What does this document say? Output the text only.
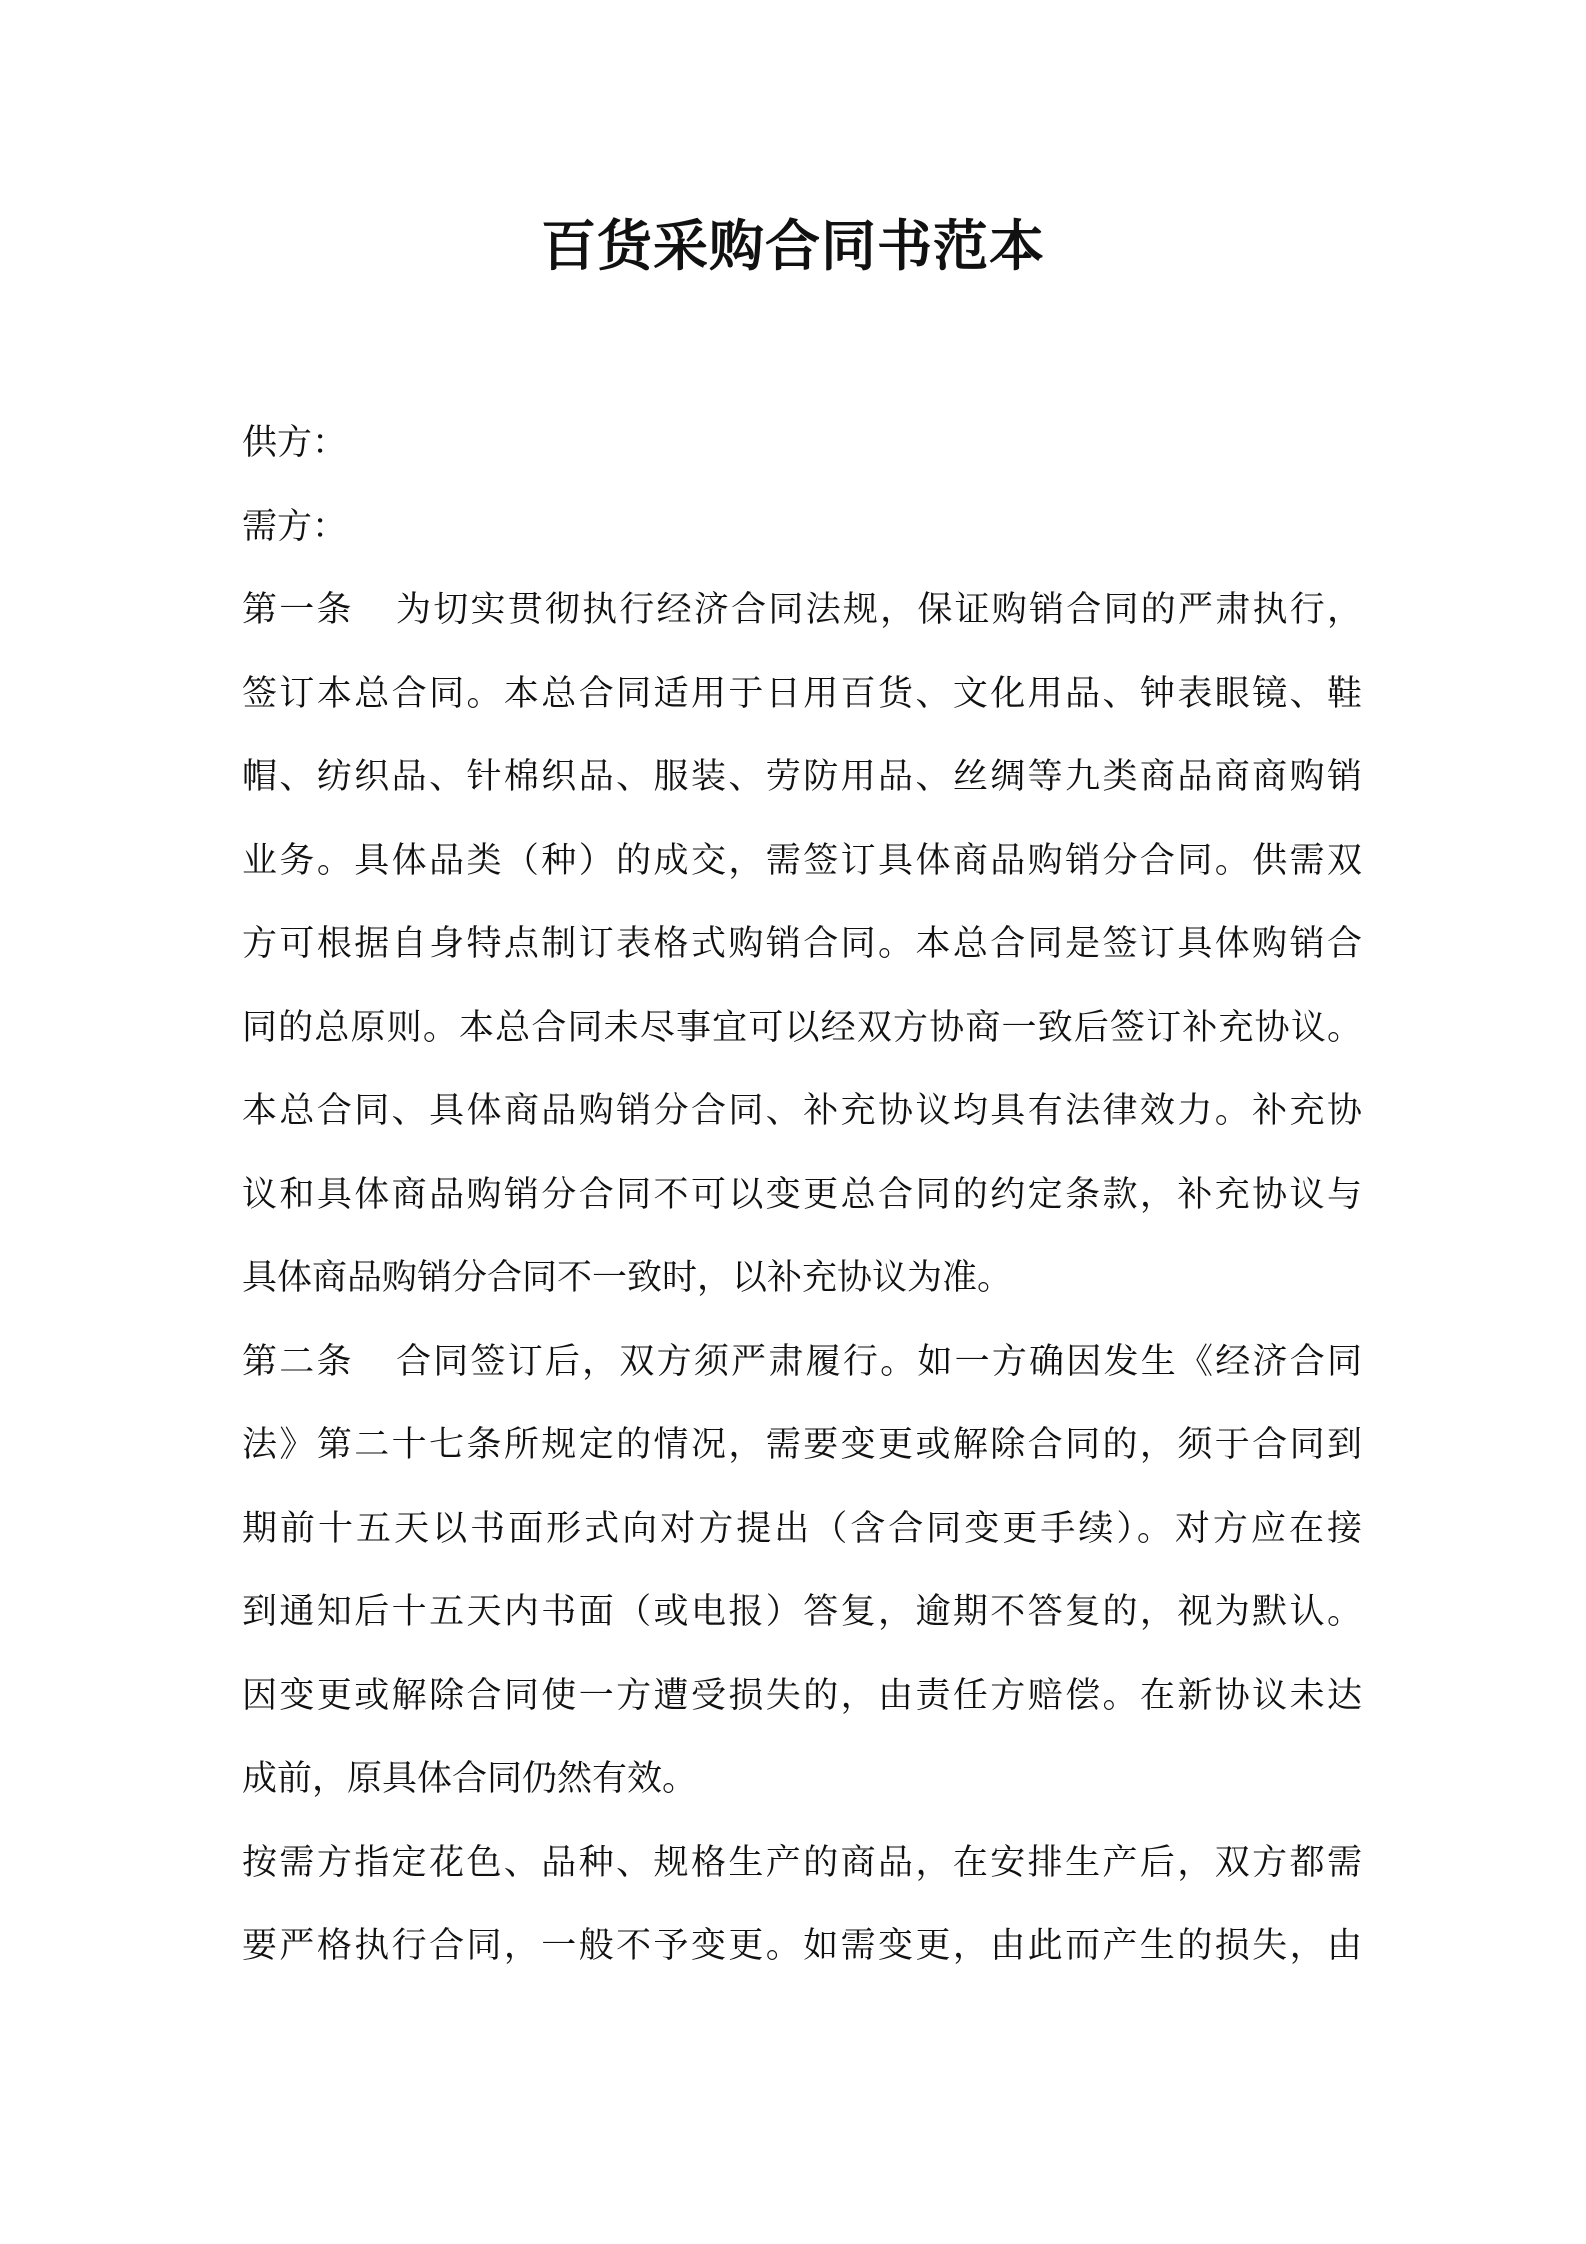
百货采购合同书范本
供方：
需方：
第一条 为切实贯彻执行经济合同法规，保证购销合同的严肃执行，
签订本总合同。本总合同适用于日用百货、文化用品、钟表眼镜、鞋
帽、纺织品、针棉织品、服装、劳防用品、丝绸等九类商品商商购销
业务。具体品类（种）的成交，需签订具体商品购销分合同。供需双
方可根据自身特点制订表格式购销合同。本总合同是签订具体购销合
同的总原则。本总合同未尽事宜可以经双方协商一致后签订补充协议。
本总合同、具体商品购销分合同、补充协议均具有法律效力。补充协
议和具体商品购销分合同不可以变更总合同的约定条款，补充协议与
具体商品购销分合同不一致时，以补充协议为准。
第二条 合同签订后，双方须严肃履行。如一方确因发生《经济合同
法》第二十七条所规定的情况，需要变更或解除合同的，须于合同到
期前十五天以书面形式向对方提出（含合同变更手续）。对方应在接
到通知后十五天内书面（或电报）答复，逾期不答复的，视为默认。
因变更或解除合同使一方遭受损失的，由责任方赔偿。在新协议未达
成前，原具体合同仍然有效。
按需方指定花色、品种、规格生产的商品，在安排生产后，双方都需
要严格执行合同，一般不予变更。如需变更，由此而产生的损失，由
